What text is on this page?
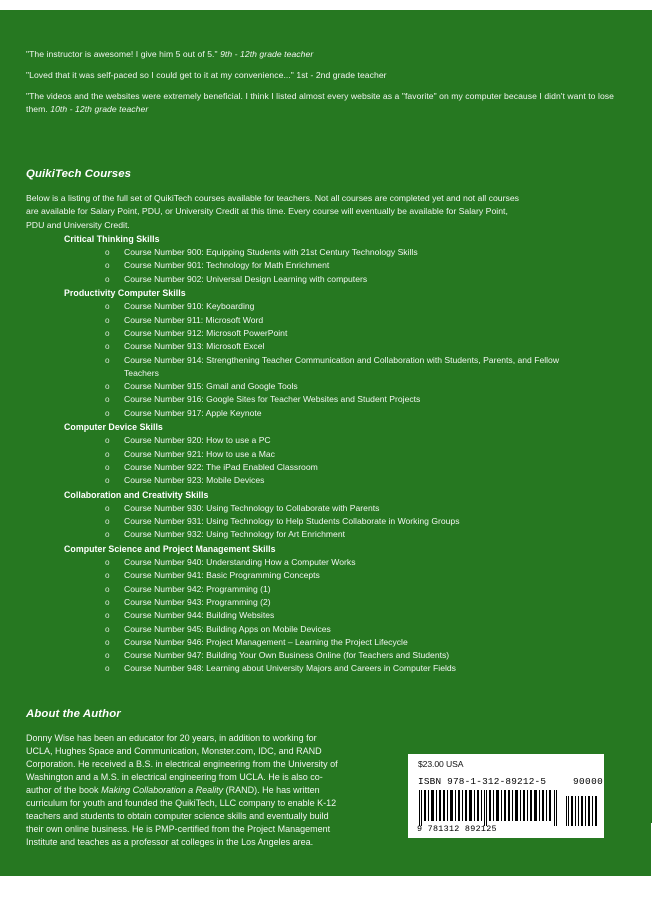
"The instructor is awesome! I give him 5 out of 5." 9th - 12th grade teacher
"Loved that it was self-paced so I could get to it at my convenience..." 1st - 2nd grade teacher
"The videos and the websites were extremely beneficial. I think I listed almost every website as a "favorite" on my computer because I didn't want to lose them. 10th - 12th grade teacher
QuikiTech Courses
Below is a listing of the full set of QuikiTech courses available for teachers. Not all courses are completed yet and not all courses are available for Salary Point, PDU, or University Credit at this time. Every course will eventually be available for Salary Point, PDU and University Credit.
Critical Thinking Skills
o Course Number 900: Equipping Students with 21st Century Technology Skills
o Course Number 901: Technology for Math Enrichment
o Course Number 902: Universal Design Learning with computers
Productivity Computer Skills
o Course Number 910: Keyboarding
o Course Number 911: Microsoft Word
o Course Number 912: Microsoft PowerPoint
o Course Number 913: Microsoft Excel
o Course Number 914: Strengthening Teacher Communication and Collaboration with Students, Parents, and Fellow Teachers
o Course Number 915: Gmail and Google Tools
o Course Number 916: Google Sites for Teacher Websites and Student Projects
o Course Number 917: Apple Keynote
Computer Device Skills
o Course Number 920: How to use a PC
o Course Number 921: How to use a Mac
o Course Number 922: The iPad Enabled Classroom
o Course Number 923: Mobile Devices
Collaboration and Creativity Skills
o Course Number 930: Using Technology to Collaborate with Parents
o Course Number 931: Using Technology to Help Students Collaborate in Working Groups
o Course Number 932: Using Technology for Art Enrichment
Computer Science and Project Management Skills
o Course Number 940: Understanding How a Computer Works
o Course Number 941: Basic Programming Concepts
o Course Number 942: Programming (1)
o Course Number 943: Programming (2)
o Course Number 944: Building Websites
o Course Number 945: Building Apps on Mobile Devices
o Course Number 946: Project Management – Learning the Project Lifecycle
o Course Number 947: Building Your Own Business Online (for Teachers and Students)
o Course Number 948: Learning about University Majors and Careers in Computer Fields
About the Author
Donny Wise has been an educator for 20 years, in addition to working for UCLA, Hughes Space and Communication, Monster.com, IDC, and RAND Corporation. He received a B.S. in electrical engineering from the University of Washington and a M.S. in electrical engineering from UCLA. He is also co-author of the book Making Collaboration a Reality (RAND). He has written curriculum for youth and founded the QuikiTech, LLC company to enable K-12 teachers and students to obtain computer science skills and eventually build their own online business. He is PMP-certified from the Project Management Institute and teaches as a professor at colleges in the Los Angeles area.
$23.00 USA
ISBN 978-1-312-89212-5	90000
9 781312 892125
